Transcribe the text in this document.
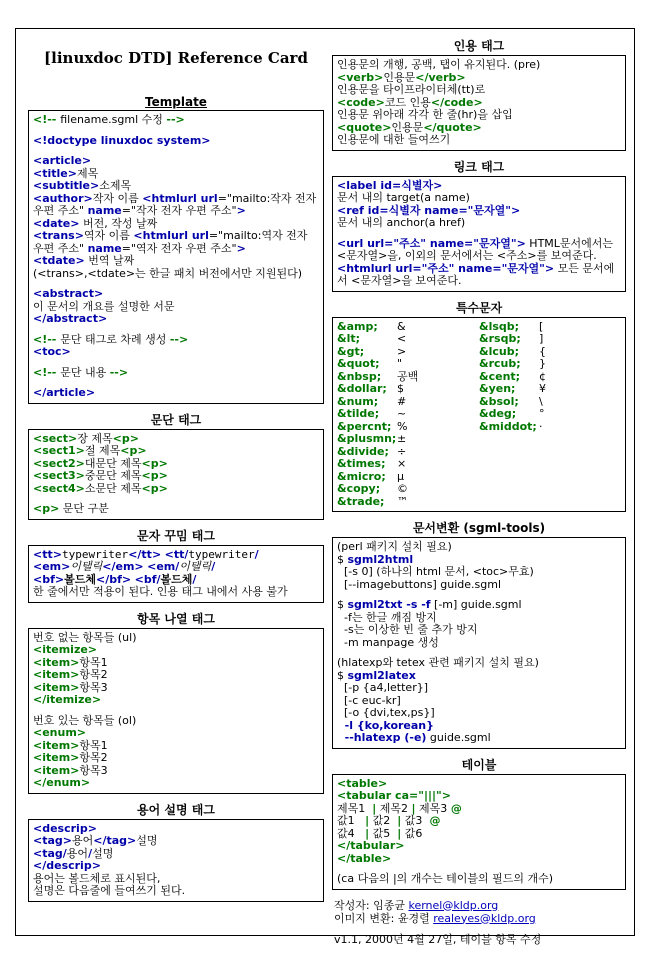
[linuxdoc DTD] Reference Card
Template
<!-- filename.sgml 수정 -->
<!doctype linuxdoc system>
<article>
<title>제목
<subtitle>소제목
<author>작자 이름 <htmlurl url="mailto:작자 전자 우편 주소" name="작자 전자 우편 주소">
<date> 버전, 작성 날짜
<trans>역자 이름 <htmlurl url="mailto:역자 전자 우편 주소" name="역자 전자 우편 주소">
<tdate> 번역 날짜
(<trans>,<tdate>는 한글 패치 버전에서만 지원된다)
<abstract>
이 문서의 개요를 설명한 서문
</abstract>
<!-- 문단 태그로 차례 생성 -->
<toc>
<!-- 문단 내용 -->
</article>
문단 태그
<sect>장 제목<p>
<sect1>절 제목<p>
<sect2>대문단 제목<p>
<sect3>중문단 제목<p>
<sect4>소문단 제목<p>
<p> 문단 구분
문자 꾸밈 태그
<tt>typewriter</tt> <tt/typewriter/
<em>이탤릭</em> <em/이탤릭/
<bf>볼드체</bf> <bf/볼드체/
한 줄에서만 적용이 된다. 인용 태그 내에서 사용 불가
항목 나열 태그
번호 없는 항목들 (ul)
<itemize>
<item>항목1
<item>항목2
<item>항목3
</itemize>
번호 있는 항목들 (ol)
<enum>
<item>항목1
<item>항목2
<item>항목3
</enum>
용어 설명 태그
<descrip>
<tag>용어</tag>설명
<tag/용어/설명
</descrip>
용어는 볼드체로 표시된다,
설명은 다음줄에 들여쓰기 된다.
인용 태그
인용문의 개행, 공백, 탭이 유지된다. (pre)
<verb>인용문</verb>
인용문을 타이프라이터체(tt)로
<code>코드 인용</code>
인용문 위아래 각각 한 줄(hr)을 삽입
<quote>인용문</quote>
인용문에 대한 들여쓰기
링크 태그
<label id=식별자>
문서 내의 target(a name)
<ref id=식별자 name="문자열">
문서 내의 anchor(a href)
<url url="주소" name="문자열"> HTML문서에서는 <문자열>을, 이외의 문서에서는 <주소>를 보여준다.
<htmlurl url="주소" name="문자열"> 모든 문서에서 <문자열>을 보여준다.
특수문자
&amp; &
&lt;	<
&gt;	>
&quot; "
&nbsp; 공백
&dollar; $
&num; #
&tilde; ~
&percnt; %
&plusmn;±
&divide; ÷
&times; ×
&micro; µ
&copy; ©
&trade; ™
&lsqb; [
&rsqb; ]
&lcub; {
&rcub; }
&cent; ¢
&yen; ¥
&bsol; \
&deg; °
&middot; ·
문서변환 (sgml-tools)
(perl 패키지 설치 필요)
$ sgml2html
[-s 0] (하나의 html 문서, <toc>무효)
[--imagebuttons] guide.sgml
$ sgml2txt -s -f [-m] guide.sgml
-f는 한글 깨짐 방지
-s는 이상한 빈 줄 추가 방지
-m manpage 생성
(hlatexp와 tetex 관련 패키지 설치 필요)
$ sgml2latex
[-p {a4,letter}]
[-c euc-kr]
[-o {dvi,tex,ps}]
-l {ko,korean}
--hlatexp (-e) guide.sgml
테이블
<table>
<tabular ca="|||">
제목1  | 제목2 | 제목3 @
값1   | 값2  | 값3  @
값4   | 값5  | 값6
</tabular>
</table>
(ca 다음의 |의 개수는 테이블의 필드의 개수)
작성자: 임종균 kernel@kldp.org
이미지 변환: 윤경렬 realeyes@kldp.org
v1.1, 2000년 4월 27일, 테이블 항목 수정
